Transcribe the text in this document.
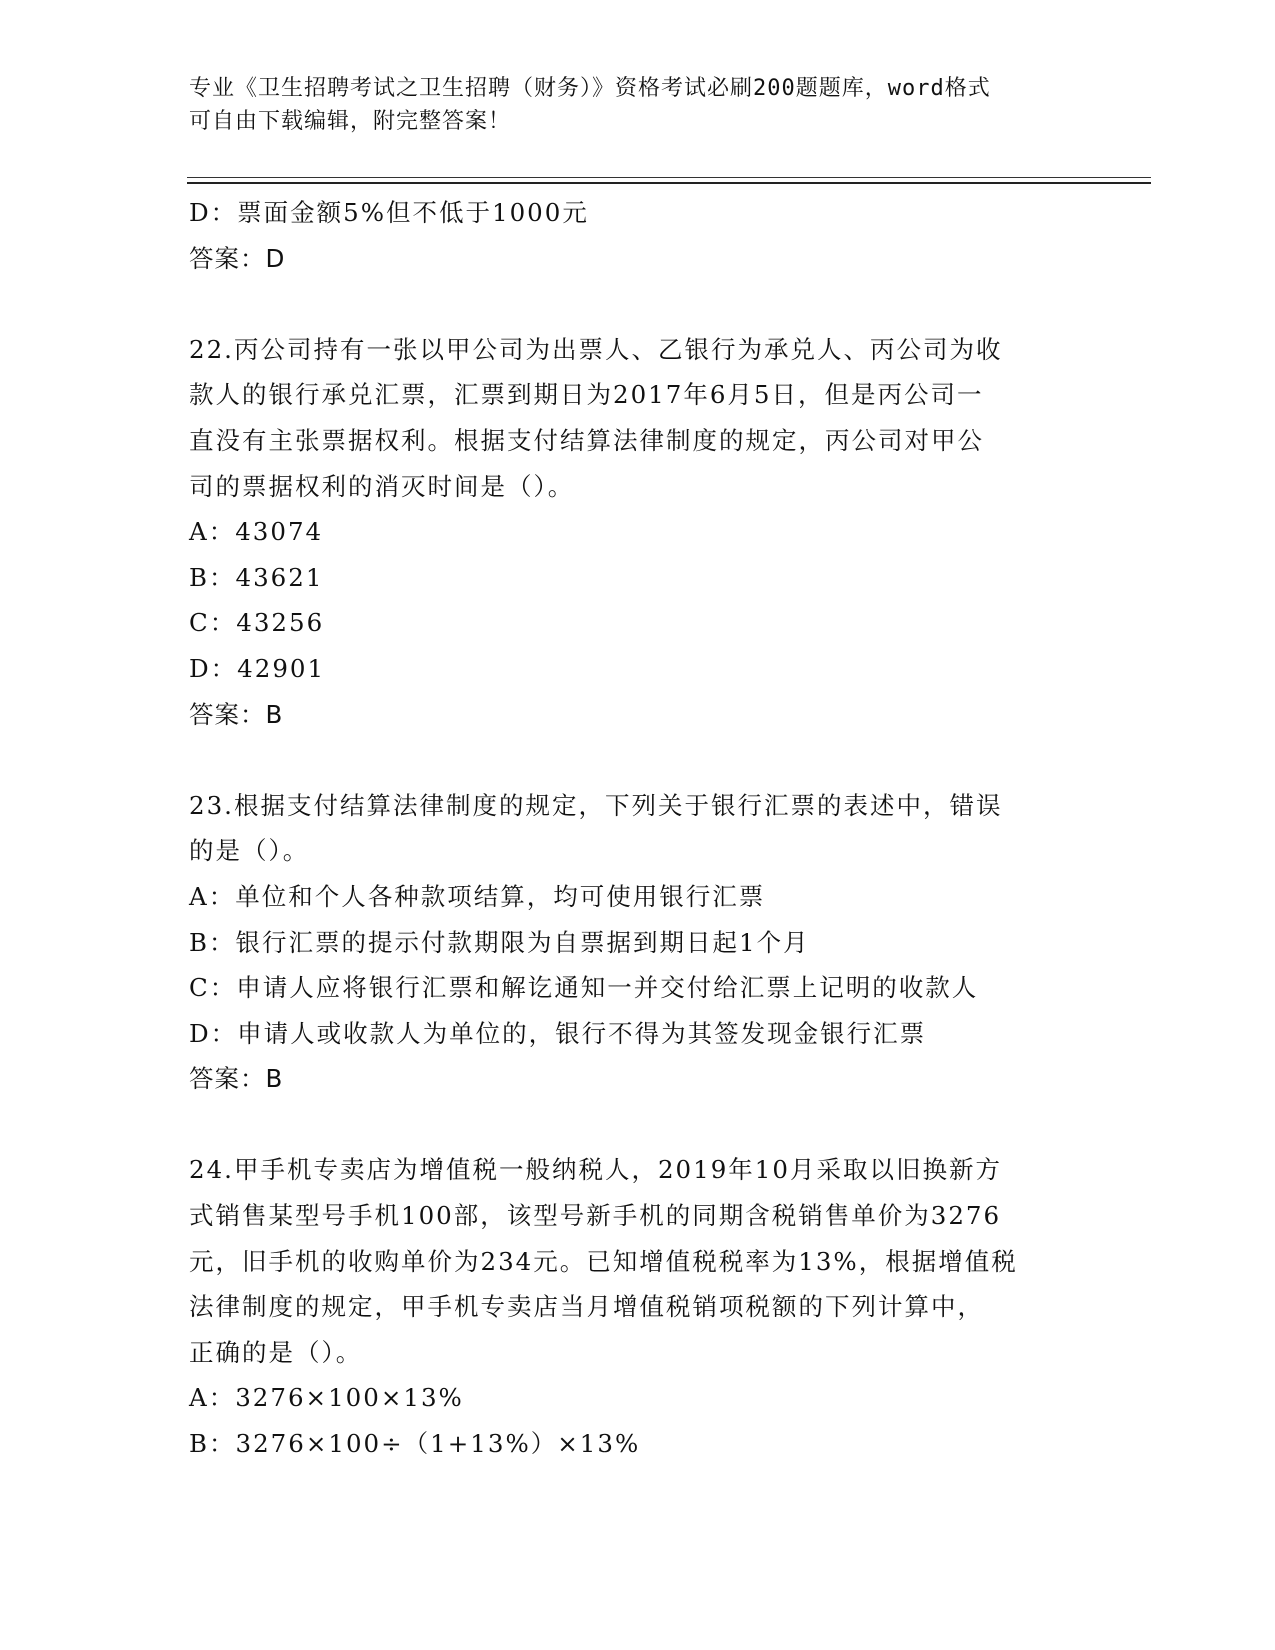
专业《卫生招聘考试之卫生招聘（财务）》资格考试必刷200题题库，word格式
可自由下载编辑，附完整答案！
D：票面金额5%但不低于1000元
答案：D
22.丙公司持有一张以甲公司为出票人、乙银行为承兑人、丙公司为收
款人的银行承兑汇票，汇票到期日为2017年6月5日，但是丙公司一
直没有主张票据权利。根据支付结算法律制度的规定，丙公司对甲公
司的票据权利的消灭时间是（）。
A：43074
B：43621
C：43256
D：42901
答案：B
23.根据支付结算法律制度的规定，下列关于银行汇票的表述中，错误
的是（）。
A：单位和个人各种款项结算，均可使用银行汇票
B：银行汇票的提示付款期限为自票据到期日起1个月
C：申请人应将银行汇票和解讫通知一并交付给汇票上记明的收款人
D：申请人或收款人为单位的，银行不得为其签发现金银行汇票
答案：B
24.甲手机专卖店为增值税一般纳税人，2019年10月采取以旧换新方
式销售某型号手机100部，该型号新手机的同期含税销售单价为3276
元，旧手机的收购单价为234元。已知增值税税率为13%，根据增值税
法律制度的规定，甲手机专卖店当月增值税销项税额的下列计算中，
正确的是（）。
A：3276×100×13%
B：3276×100÷（1+13%）×13%
